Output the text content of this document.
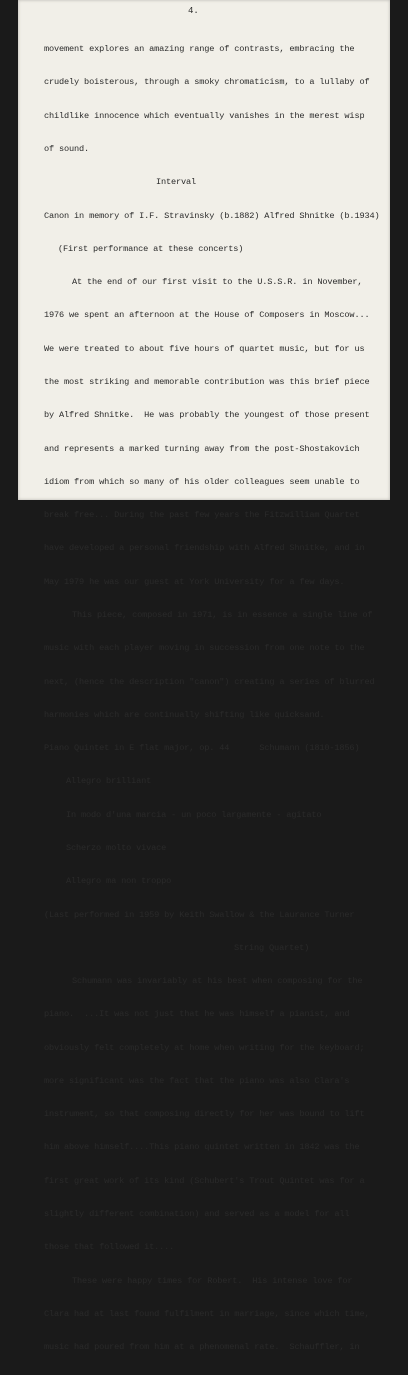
4.

movement explores an amazing range of contrasts, embracing the

crudely boisterous, through a smoky chromaticism, to a lullaby of

childlike innocence which eventually vanishes in the merest wisp

of sound.

Interval

Canon in memory of I.F. Stravinsky (b.1882) Alfred Shnitke (b.1934)

(First performance at these concerts)

At the end of our first visit to the U.S.S.R. in November,

1976 we spent an afternoon at the House of Composers in Moscow...

We were treated to about five hours of quartet music, but for us

the most striking and memorable contribution was this brief piece

by Alfred Shnitke.  He was probably the youngest of those present

and represents a marked turning away from the post-Shostakovich

idiom from which so many of his older colleagues seem unable to

break free... During the past few years the Fitzwilliam Quartet

have developed a personal friendship with Alfred Shnitke, and in

May 1979 he was our guest at York University for a few days.

This piece, composed in 1971, is in essence a single line of

music with each player moving in succession from one note to the

next, (hence the description "canon") creating a series of blurred

harmonies which are continually shifting like quicksand.

Piano Quintet in E flat major, op. 44      Schumann (1810-1856)

Allegro brilliant

In modo d'una marcia - un poco largamente - agitato

Scherzo molto vivace

Allegro ma non troppo

(Last performed in 1959 by Keith Swallow & the Laurance Turner

String Quartet)

Schumann was invariably at his best when composing for the

piano.  ...It was not just that he was himself a pianist, and

obviously felt completely at home when writing for the keyboard;

more significant was the fact that the piano was also Clara's

instrument, so that composing directly for her was bound to lift

him above himself....This piano quintet written in 1842 was the

first great work of its kind (Schubert's Trout Quintet was for a

slightly different combination) and served as a model for all

those that followed it....

These were happy times for Robert.  His intense love for

Clara had at last found fulfilment in marriage, since which time,

music had poured from him at a phenomenal rate.  Schauffler, in
